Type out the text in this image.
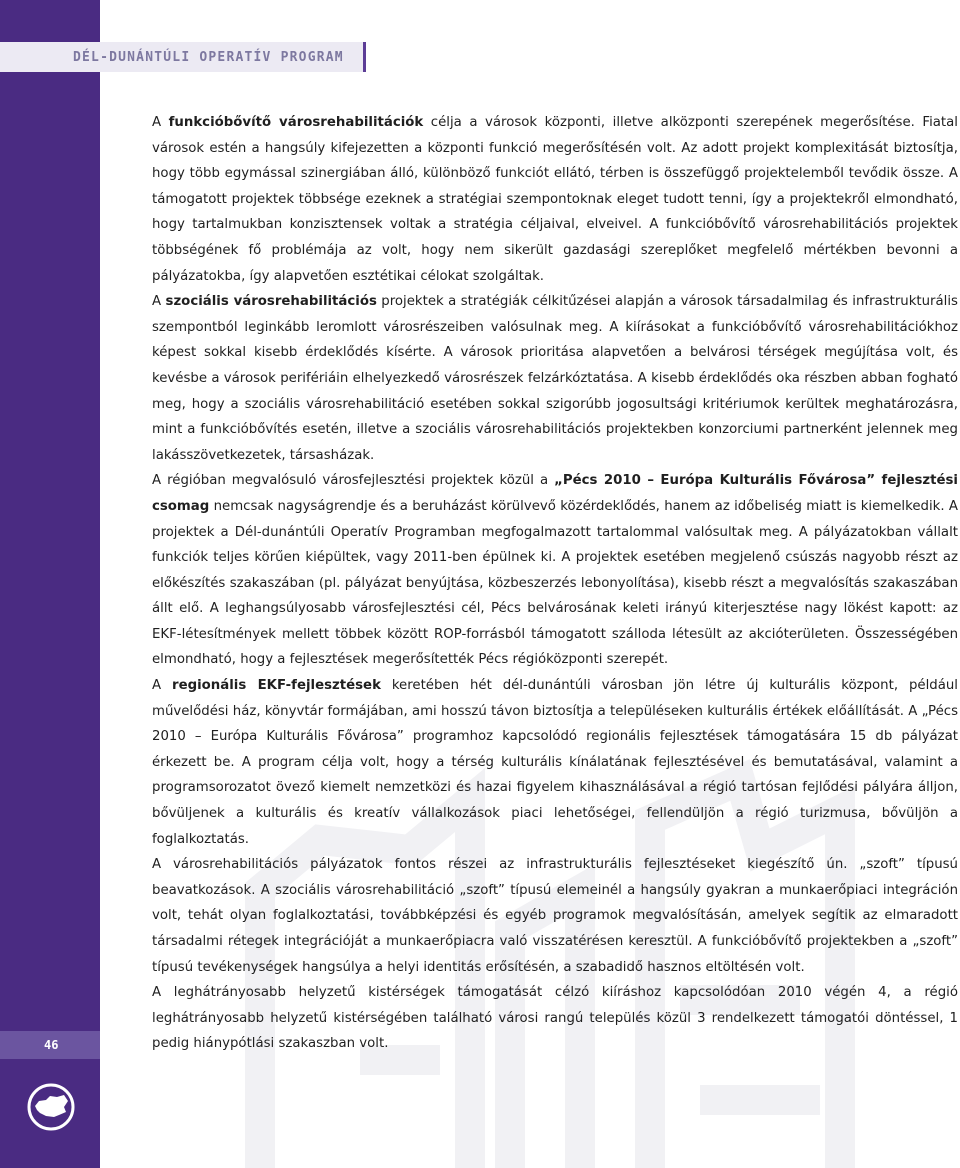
DÉL-DUNÁNTÚLI OPERATÍV PROGRAM
46

A funkcióbővítő városrehabilitációk célja a városok központi, illetve alközponti szerepének megerősítése. Fiatal városok estén a hangsúly kifejezetten a központi funkció megerősítésén volt. Az adott projekt komplexitását biztosítja, hogy több egymással szinergiában álló, különböző funkciót ellátó, térben is összefüggő projektelemből tevődik össze. A támogatott projektek többsége ezeknek a stratégiai szempontoknak eleget tudott tenni, így a projektekről elmondható, hogy tartalmukban konzisztensek voltak a stratégia céljaival, elveivel. A funkcióbővítő városrehabilitációs projektek többségének fő problémája az volt, hogy nem sikerült gazdasági szereplőket megfelelő mértékben bevonni a pályázatokba, így alapvetően esztétikai célokat szolgáltak.

A szociális városrehabilitációs projektek a stratégiák célkitűzései alapján a városok társadalmilag és infrastrukturális szempontból leginkább leromlott városrészeiben valósulnak meg. A kiírásokat a funkcióbővítő városrehabilitációkhoz képest sokkal kisebb érdeklődés kísérte. A városok prioritása alapvetően a belvárosi térségek megújítása volt, és kevésbe a városok perifériáin elhelyezkedő városrészek felzárkóztatása. A kisebb érdeklődés oka részben abban fogható meg, hogy a szociális városrehabilitáció esetében sokkal szigorúbb jogosultsági kritériumok kerültek meghatározásra, mint a funkcióbővítés esetén, illetve a szociális városrehabilitációs projektekben konzorciumi partnerként jelennek meg lakásszövetkezetek, társasházak.

A régióban megvalósuló városfejlesztési projektek közül a „Pécs 2010 – Európa Kulturális Fővárosa” fejlesztési csomag nemcsak nagyságrendje és a beruházást körülvevő közérdeklődés, hanem az időbeliség miatt is kiemelkedik. A projektek a Dél-dunántúli Operatív Programban megfogalmazott tartalommal valósultak meg. A pályázatokban vállalt funkciók teljes körűen kiépültek, vagy 2011-ben épülnek ki. A projektek esetében megjelenő csúszás nagyobb részt az előkészítés szakaszában (pl. pályázat benyújtása, közbeszerzés lebonyolítása), kisebb részt a megvalósítás szakaszában állt elő. A leghangsúlyosabb városfejlesztési cél, Pécs belvárosának keleti irányú kiterjesztése nagy lökést kapott: az EKF-létesítmények mellett többek között ROP-forrásból támogatott szálloda létesült az akcióterületen. Összességében elmondható, hogy a fejlesztések megerősítették Pécs régióközponti szerepét.

A regionális EKF-fejlesztések keretében hét dél-dunántúli városban jön létre új kulturális központ, például művelődési ház, könyvtár formájában, ami hosszú távon biztosítja a településeken kulturális értékek előállítását. A „Pécs 2010 – Európa Kulturális Fővárosa” programhoz kapcsolódó regionális fejlesztések támogatására 15 db pályázat érkezett be. A program célja volt, hogy a térség kulturális kínálatának fejlesztésével és bemutatásával, valamint a programsorozatot övező kiemelt nemzetközi és hazai figyelem kihasználásával a régió tartósan fejlődési pályára álljon, bővüljenek a kulturális és kreatív vállalkozások piaci lehetőségei, fellendüljön a régió turizmusa, bővüljön a foglalkoztatás.

A városrehabilitációs pályázatok fontos részei az infrastrukturális fejlesztéseket kiegészítő ún. „szoft” típusú beavatkozások. A szociális városrehabilitáció „szoft” típusú elemeinél a hangsúly gyakran a munkaerőpiaci integráción volt, tehát olyan foglalkoztatási, továbbképzési és egyéb programok megvalósításán, amelyek segítik az elmaradott társadalmi rétegek integrációját a munkaerőpiacra való visszatérésen keresztül. A funkcióbővítő projektekben a „szoft” típusú tevékenységek hangsúlya a helyi identitás erősítésén, a szabadidő hasznos eltöltésén volt.

A leghátrányosabb helyzetű kistérségek támogatását célzó kiíráshoz kapcsolódóan 2010 végén 4, a régió leghátrányosabb helyzetű kistérségében található városi rangú település közül 3 rendelkezett támogatói döntéssel, 1 pedig hiánypótlási szakaszban volt.
